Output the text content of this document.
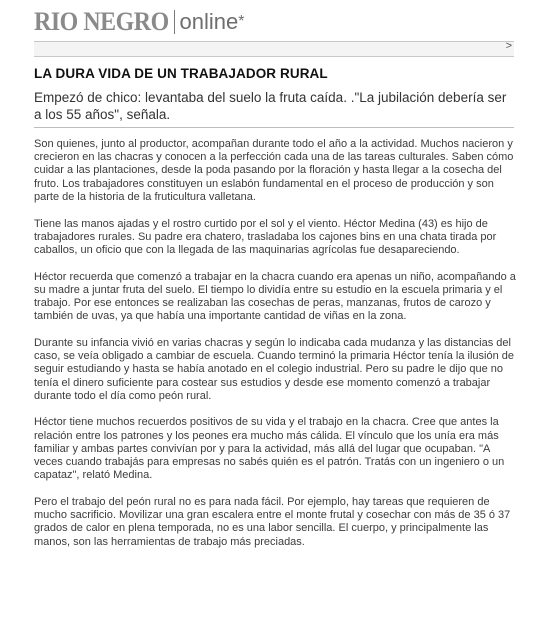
RIO NEGRO online*
>
LA DURA VIDA DE UN TRABAJADOR RURAL
Empezó de chico: levantaba del suelo la fruta caída. ."La jubilación debería ser a los 55 años", señala.

Son quienes, junto al productor, acompañan durante todo el año a la actividad. Muchos nacieron y crecieron en las chacras y conocen a la perfección cada una de las tareas culturales. Saben cómo cuidar a las plantaciones, desde la poda pasando por la floración y hasta llegar a la cosecha del fruto. Los trabajadores constituyen un eslabón fundamental en el proceso de producción y son parte de la historia de la fruticultura valletana.

Tiene las manos ajadas y el rostro curtido por el sol y el viento. Héctor Medina (43) es hijo de trabajadores rurales. Su padre era chatero, trasladaba los cajones bins en una chata tirada por caballos, un oficio que con la llegada de las maquinarias agrícolas fue desapareciendo.

Héctor recuerda que comenzó a trabajar en la chacra cuando era apenas un niño, acompañando a su madre a juntar fruta del suelo. El tiempo lo dividía entre su estudio en la escuela primaria y el trabajo. Por ese entonces se realizaban las cosechas de peras, manzanas, frutos de carozo y también de uvas, ya que había una importante cantidad de viñas en la zona.

Durante su infancia vivió en varias chacras y según lo indicaba cada mudanza y las distancias del caso, se veía obligado a cambiar de escuela. Cuando terminó la primaria Héctor tenía la ilusión de seguir estudiando y hasta se había anotado en el colegio industrial. Pero su padre le dijo que no tenía el dinero suficiente para costear sus estudios y desde ese momento comenzó a trabajar durante todo el día como peón rural.

Héctor tiene muchos recuerdos positivos de su vida y el trabajo en la chacra. Cree que antes la relación entre los patrones y los peones era mucho más cálida. El vínculo que los unía era más familiar y ambas partes convivían por y para la actividad, más allá del lugar que ocupaban. "A veces cuando trabajás para empresas no sabés quién es el patrón. Tratás con un ingeniero o un capataz", relató Medina.

Pero el trabajo del peón rural no es para nada fácil. Por ejemplo, hay tareas que requieren de mucho sacrificio. Movilizar una gran escalera entre el monte frutal y cosechar con más de 35 ó 37 grados de calor en plena temporada, no es una labor sencilla. El cuerpo, y principalmente las manos, son las herramientas de trabajo más preciadas.
